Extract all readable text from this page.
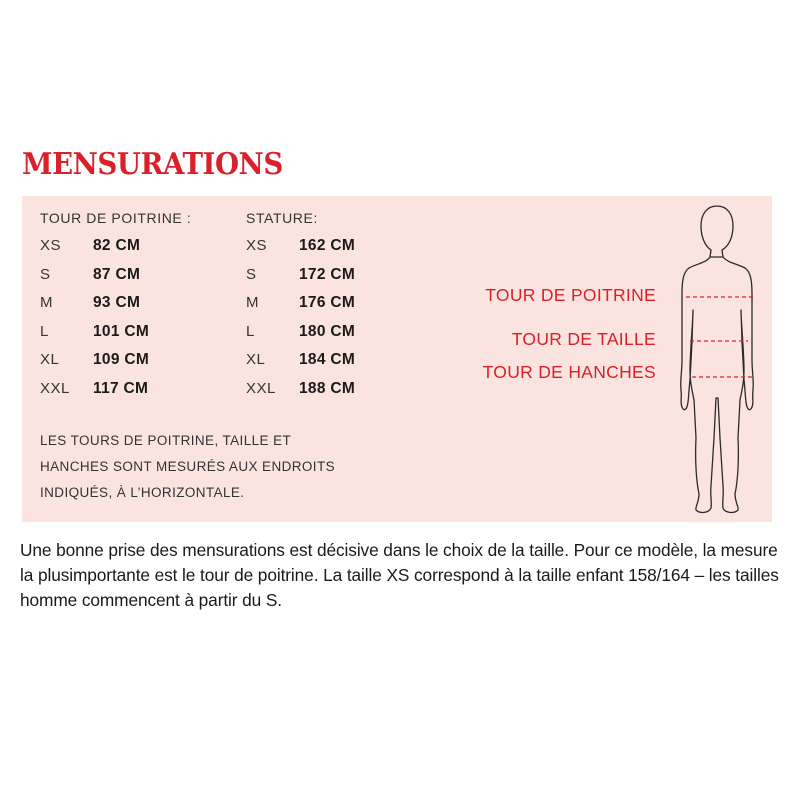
MENSURATIONS
TOUR DE POITRINE :
XS 82 CM
S	87 CM
M	93 CM
L	101 CM
XL 109 CM
XXL 117 CM
STATURE:
XS 162 CM
S	172 CM
M	176 CM
L	180 CM
XL 184 CM
XXL 188 CM
LES TOURS DE POITRINE, TAILLE ET
HANCHES SONT MESURÉS AUX ENDROITS
INDIQUÉS, À L’HORIZONTALE.
TOUR DE POITRINE
TOUR DE TAILLE
TOUR DE HANCHES

Une bonne prise des mensurations est décisive dans le choix de la taille. Pour ce modèle, la mesure la plusimportante est le tour de poitrine. La taille XS correspond à la taille enfant 158/164 – les tailles homme commencent à partir du S.
